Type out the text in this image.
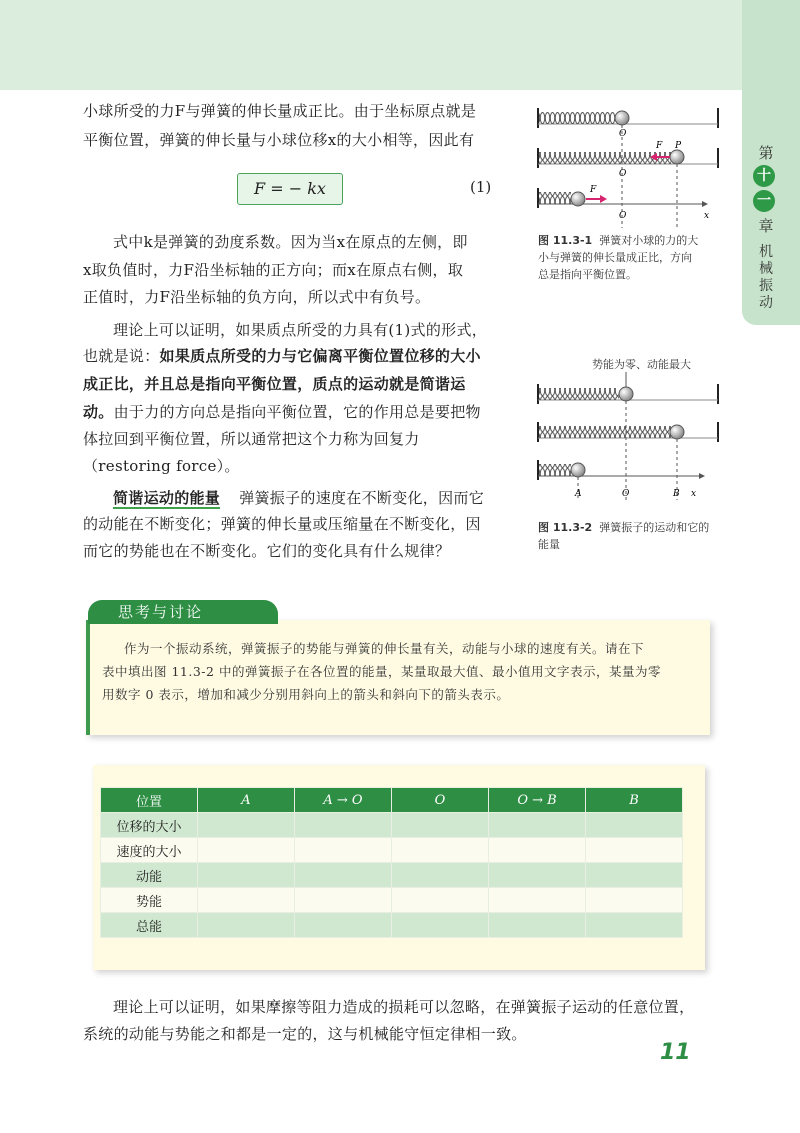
第
十
一
章
机械振动
小球所受的力F与弹簧的伸长量成正比。由于坐标原点就是
平衡位置，弹簧的伸长量与小球位移x的大小相等，因此有
F = − kx	(1)
式中k是弹簧的劲度系数。因为当x在原点的左侧，即
x取负值时，力F沿坐标轴的正方向；而x在原点右侧，取
正值时，力F沿坐标轴的负方向，所以式中有负号。
理论上可以证明，如果质点所受的力具有(1)式的形式，
也就是说：如果质点所受的力与它偏离平衡位置位移的大小
成正比，并且总是指向平衡位置，质点的运动就是简谐运
动。由于力的方向总是指向平衡位置，它的作用总是要把物
体拉回到平衡位置，所以通常把这个力称为回复力
（restoring force）。
简谐运动的能量 弹簧振子的速度在不断变化，因而它
的动能在不断变化；弹簧的伸长量或压缩量在不断变化，因
而它的势能也在不断变化。它们的变化具有什么规律？
O
F P
O
F
O	x
图 11.3-1 弹簧对小球的力的大
小与弹簧的伸长量成正比，方向
总是指向平衡位置。
势能为零、动能最大
A	O	B x
图 11.3-2 弹簧振子的运动和它的
能量
思考与讨论
作为一个振动系统，弹簧振子的势能与弹簧的伸长量有关，动能与小球的速度有关。请在下
表中填出图 11.3-2 中的弹簧振子在各位置的能量，某量取最大值、最小值用文字表示，某量为零
用数字 0 表示，增加和减少分别用斜向上的箭头和斜向下的箭头表示。
位置	A	A → O	O	O → B	B
位移的大小					
速度的大小					
动能					
势能					
总能					
理论上可以证明，如果摩擦等阻力造成的损耗可以忽略，在弹簧振子运动的任意位置，
系统的动能与势能之和都是一定的，这与机械能守恒定律相一致。
11
